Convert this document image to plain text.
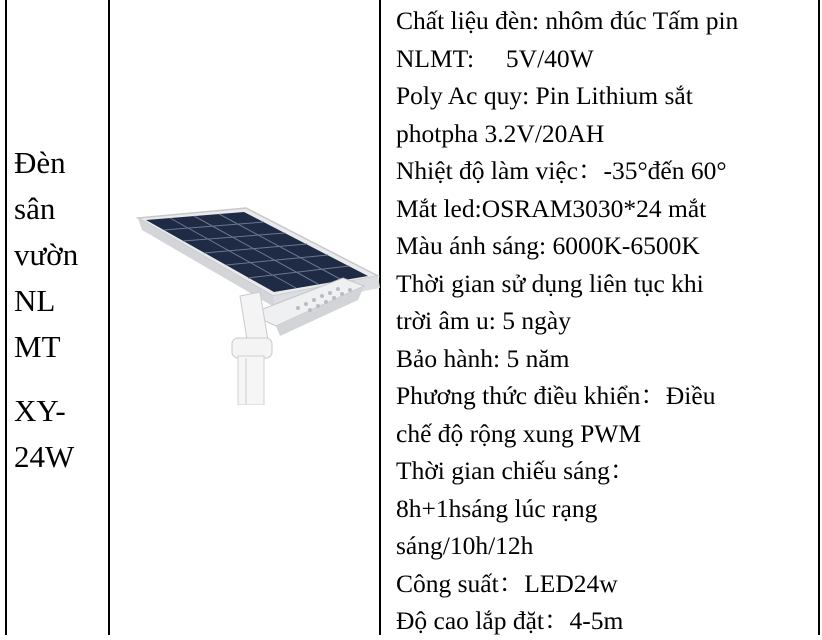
Đèn
sân
vườn
NL
MT
XY-
24W
Chất liệu đèn: nhôm đúc Tấm pin
NLMT:     5V/40W
Poly Ac quy: Pin Lithium sắt
photpha 3.2V/20AH
Nhiệt độ làm việc：-35°đến 60°
Mắt led:OSRAM3030*24 mắt
Màu ánh sáng: 6000K-6500K
Thời gian sử dụng liên tục khi
trời âm u: 5 ngày
Bảo hành: 5 năm
Phương thức điều khiển：Điều
chế độ rộng xung PWM
Thời gian chiếu sáng：
8h+1hsáng lúc rạng
sáng/10h/12h
Công suất：LED24w
Độ cao lắp đặt：4-5m
